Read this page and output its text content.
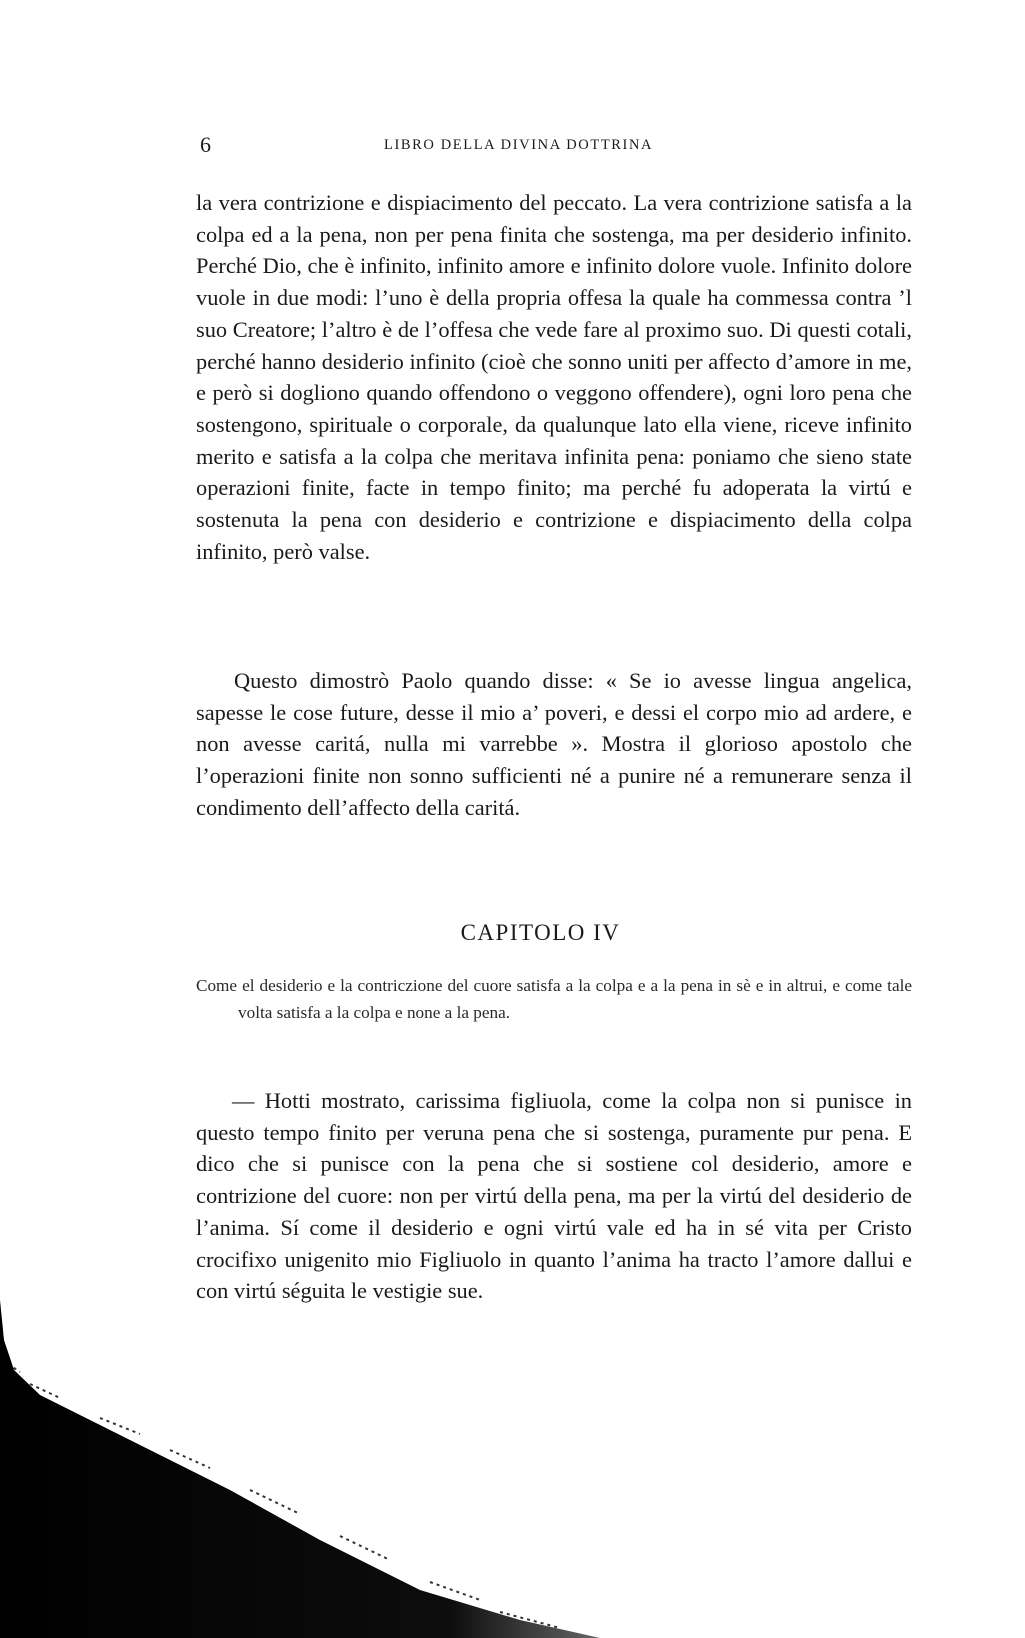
6	LIBRO DELLA DIVINA DOTTRINA

la vera contrizione e dispiacimento del peccato. La vera contrizione satisfa a la colpa ed a la pena, non per pena finita che sostenga, ma per desiderio infinito. Perché Dio, che è infinito, infinito amore e infinito dolore vuole. Infinito dolore vuole in due modi: l’uno è della propria offesa la quale ha commessa contra ’l suo Creatore; l’altro è de l’offesa che vede fare al proximo suo. Di questi cotali, perché hanno desiderio infinito (cioè che sonno uniti per affecto d’amore in me, e però si dogliono quando offendono o veggono offendere), ogni loro pena che sostengono, spirituale o corporale, da qualunque lato ella viene, riceve infinito merito e satisfa a la colpa che meritava infinita pena: poniamo che sieno state operazioni finite, facte in tempo finito; ma perché fu adoperata la virtú e sostenuta la pena con desiderio e contrizione e dispiacimento della colpa infinito, però valse.

Questo dimostrò Paolo quando disse: « Se io avesse lingua angelica, sapesse le cose future, desse il mio a’ poveri, e dessi el corpo mio ad ardere, e non avesse caritá, nulla mi varrebbe ». Mostra il glorioso apostolo che l’operazioni finite non sonno sufficienti né a punire né a remunerare senza il condimento dell’affecto della caritá.

CAPITOLO IV

Come el desiderio e la contriczione del cuore satisfa a la colpa e a la pena in sè e in altrui, e come tale volta satisfa a la colpa e none a la pena.

— Hotti mostrato, carissima figliuola, come la colpa non si punisce in questo tempo finito per veruna pena che si sostenga, puramente pur pena. E dico che si punisce con la pena che si sostiene col desiderio, amore e contrizione del cuore: non per virtú della pena, ma per la virtú del desiderio de l’anima. Sí come il desiderio e ogni virtú vale ed ha in sé vita per Cristo crocifixo unigenito mio Figliuolo in quanto l’anima ha tracto l’amore dallui e con virtú séguita le vestigie sue.
